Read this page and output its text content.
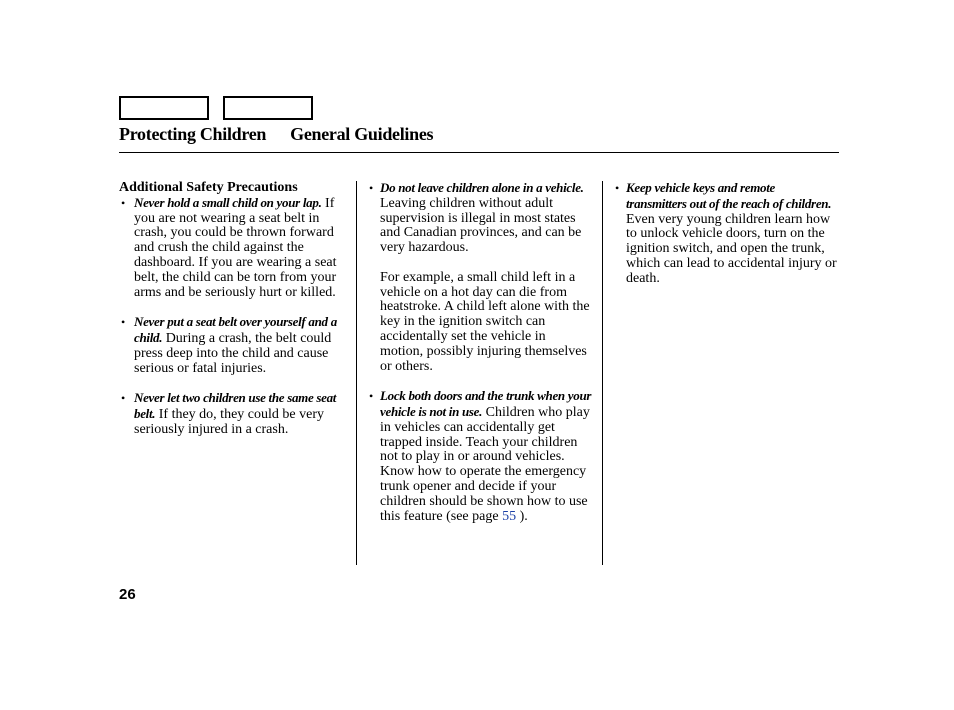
Protecting Children General Guidelines
Additional Safety Precautions
• Never hold a small child on your lap. If you are not wearing a seat belt in crash, you could be thrown forward and crush the child against the dashboard. If you are wearing a seat belt, the child can be torn from your arms and be seriously hurt or killed.
• Never put a seat belt over yourself and a child. During a crash, the belt could press deep into the child and cause serious or fatal injuries.
• Never let two children use the same seat belt. If they do, they could be very seriously injured in a crash.
• Do not leave children alone in a vehicle. Leaving children without adult supervision is illegal in most states and Canadian provinces, and can be very hazardous.
For example, a small child left in a vehicle on a hot day can die from heatstroke. A child left alone with the key in the ignition switch can accidentally set the vehicle in motion, possibly injuring themselves or others.
• Lock both doors and the trunk when your vehicle is not in use. Children who play in vehicles can accidentally get trapped inside. Teach your children not to play in or around vehicles. Know how to operate the emergency trunk opener and decide if your children should be shown how to use this feature (see page 55 ).
• Keep vehicle keys and remote transmitters out of the reach of children. Even very young children learn how to unlock vehicle doors, turn on the ignition switch, and open the trunk, which can lead to accidental injury or death.
26
